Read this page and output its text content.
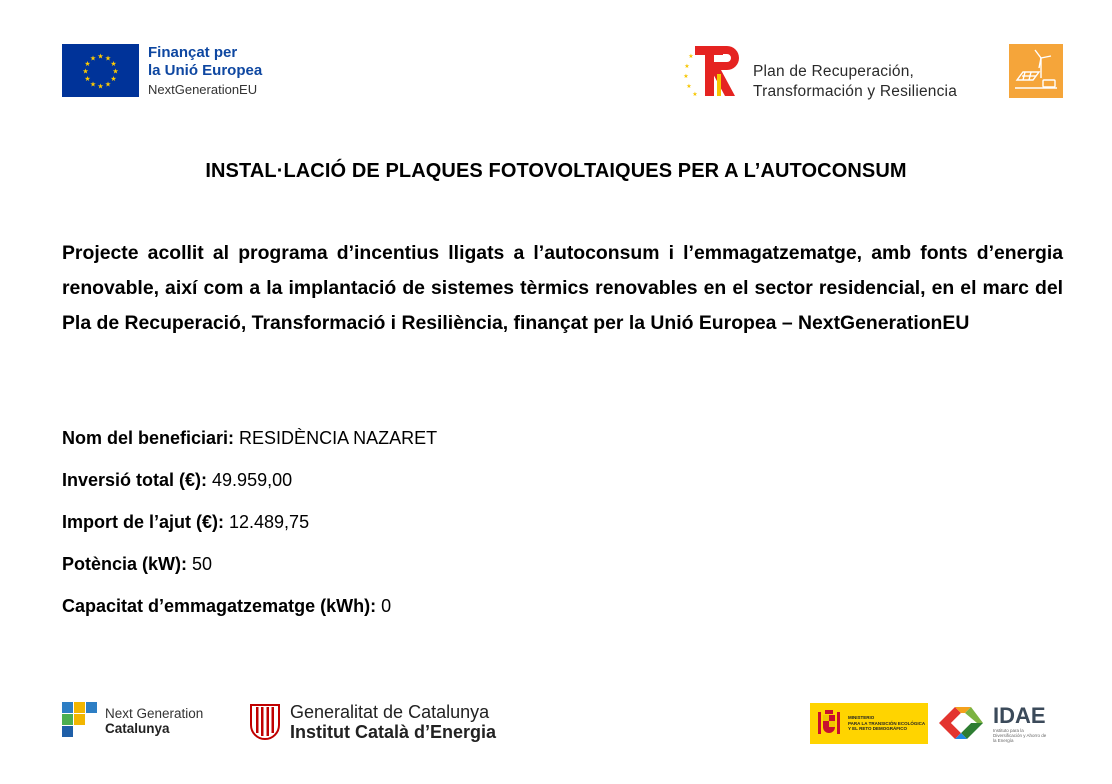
★ ★
★
★
★
★
★
★
★
★
★
★	Finançat per
la Unió Europea
NextGenerationEU
★
★
★
★
★
Plan de Recuperación,
Transformación y Resiliencia
INSTAL·LACIÓ DE PLAQUES FOTOVOLTAIQUES PER A L’AUTOCONSUM

Projecte acollit al programa d’incentius lligats a l’autoconsum i l’emmagatzematge, amb fonts d’energia renovable, així com a la implantació de sistemes tèrmics renovables en el sector residencial, en el marc del Pla de Recuperació, Transformació i Resiliència, finançat per la Unió Europea – NextGenerationEU

Nom del beneficiari: RESIDÈNCIA NAZARET
Inversió total (€): 49.959,00
Import de l’ajut (€): 12.489,75
Potència (kW): 50
Capacitat d’emmagatzematge (kWh): 0
Next Generation
Catalunya
Generalitat de Catalunya
Institut Català d’Energia
MINISTERIO
PARA LA TRANSICIÓN ECOLÓGICA
Y EL RETO DEMOGRÁFICO
IDAE
Instituto para la Diversificación y Ahorro de la Energía
